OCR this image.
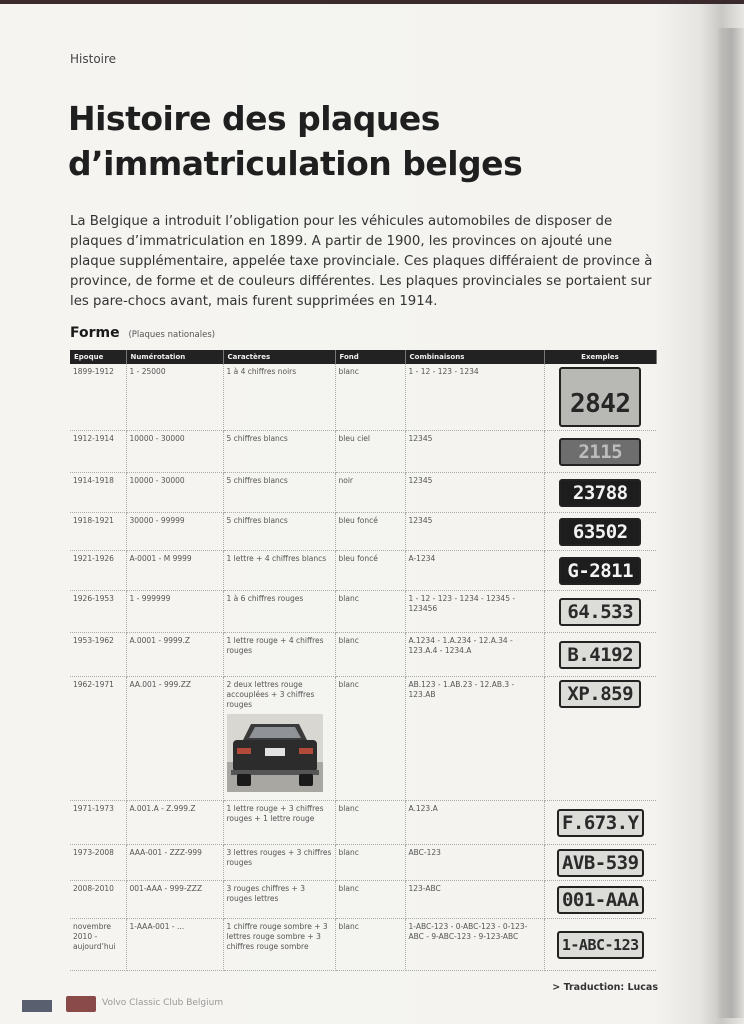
Histoire
Histoire des plaques
d’immatriculation belges

La Belgique a introduit l’obligation pour les véhicules automobiles de disposer de plaques d’immatriculation en 1899. A partir de 1900, les provinces on ajouté une plaque supplémentaire, appelée taxe provinciale. Ces plaques différaient de province à province, de forme et de couleurs différentes. Les plaques provinciales se portaient sur les pare-chocs avant, mais furent supprimées en 1914.

Forme (Plaques nationales)
Epoque	Numérotation	Caractères	Fond	Combinaisons	Exemples
1899-1912	1 - 25000	1 à 4 chiffres noirs	blanc	1 - 12 - 123 - 1234	2842
1912-1914	10000 - 30000	5 chiffres blancs	bleu ciel	12345	2115
1914-1918	10000 - 30000	5 chiffres blancs	noir	12345	23788
1918-1921	30000 - 99999	5 chiffres blancs	bleu foncé	12345	63502
1921-1926	A-0001 - M 9999	1 lettre + 4 chiffres blancs	bleu foncé	A-1234	G-2811
1926-1953	1 - 999999	1 à 6 chiffres rouges	blanc	1 - 12 - 123 - 1234 - 12345 - 123456	64.533
1953-1962	A.0001 - 9999.Z	1 lettre rouge + 4 chiffres rouges	blanc	A.1234 - 1.A.234 - 12.A.34 - 123.A.4 - 1234.A	B.4192
1962-1971	AA.001 - 999.ZZ	2 deux lettres rouge accouplées + 3 chiffres rouges	blanc	AB.123 - 1.AB.23 - 12.AB.3 - 123.AB	XP.859
1971-1973	A.001.A - Z.999.Z	1 lettre rouge + 3 chiffres rouges + 1 lettre rouge	blanc	A.123.A	F.673.Y
1973-2008	AAA-001 - ZZZ-999	3 lettres rouges + 3 chiffres rouges	blanc	ABC-123	AVB-539
2008-2010	001-AAA - 999-ZZZ	3 rouges chiffres + 3 rouges lettres	blanc	123-ABC	001-AAA
novembre 2010 - aujourd’hui	1-AAA-001 - ...	1 chiffre rouge sombre + 3 lettres rouge sombre + 3 chiffres rouge sombre	blanc	1-ABC-123 - 0-ABC-123 - 0-123-ABC - 9-ABC-123 - 9-123-ABC	1-ABC-123
> Traduction: Lucas
Volvo Classic Club Belgium
